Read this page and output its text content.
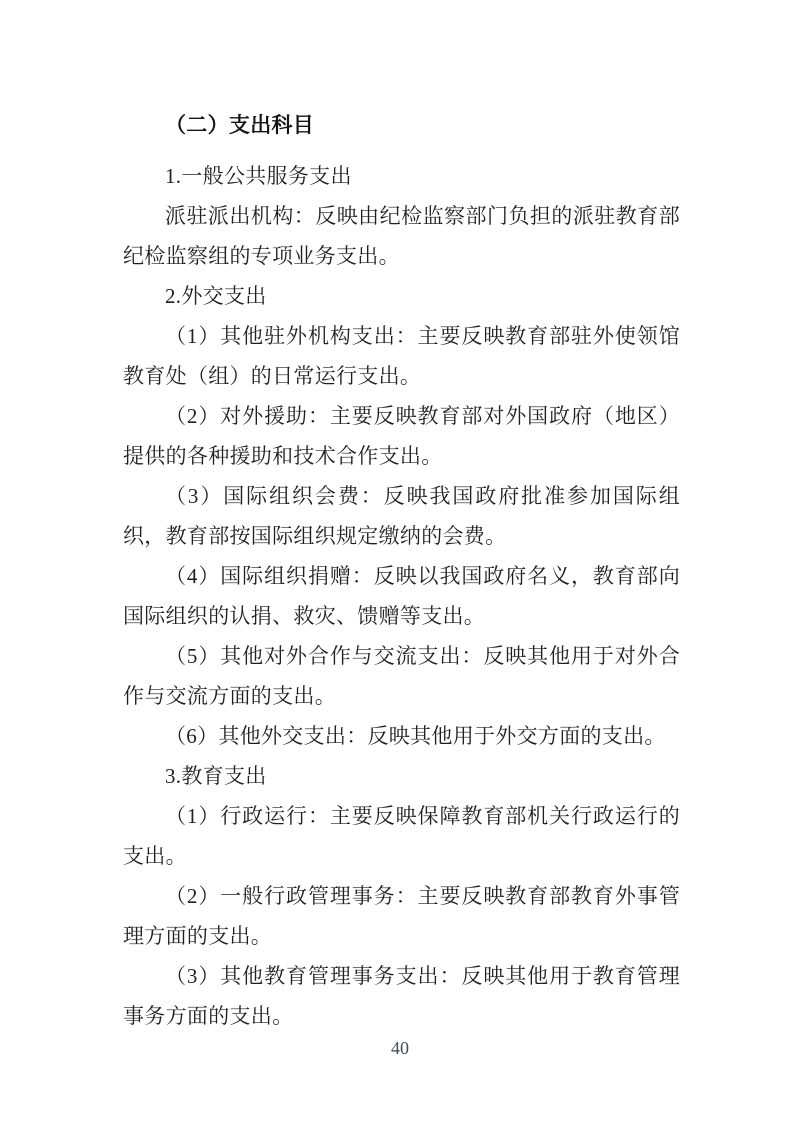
（二）支出科目

1.一般公共服务支出

派驻派出机构：反映由纪检监察部门负担的派驻教育部纪检监察组的专项业务支出。

2.外交支出

（1）其他驻外机构支出：主要反映教育部驻外使领馆教育处（组）的日常运行支出。

（2）对外援助：主要反映教育部对外国政府（地区）提供的各种援助和技术合作支出。

（3）国际组织会费：反映我国政府批准参加国际组织，教育部按国际组织规定缴纳的会费。

（4）国际组织捐赠：反映以我国政府名义，教育部向国际组织的认捐、救灾、馈赠等支出。

（5）其他对外合作与交流支出：反映其他用于对外合作与交流方面的支出。

（6）其他外交支出：反映其他用于外交方面的支出。

3.教育支出

（1）行政运行：主要反映保障教育部机关行政运行的支出。

（2）一般行政管理事务：主要反映教育部教育外事管理方面的支出。

（3）其他教育管理事务支出：反映其他用于教育管理事务方面的支出。

40
